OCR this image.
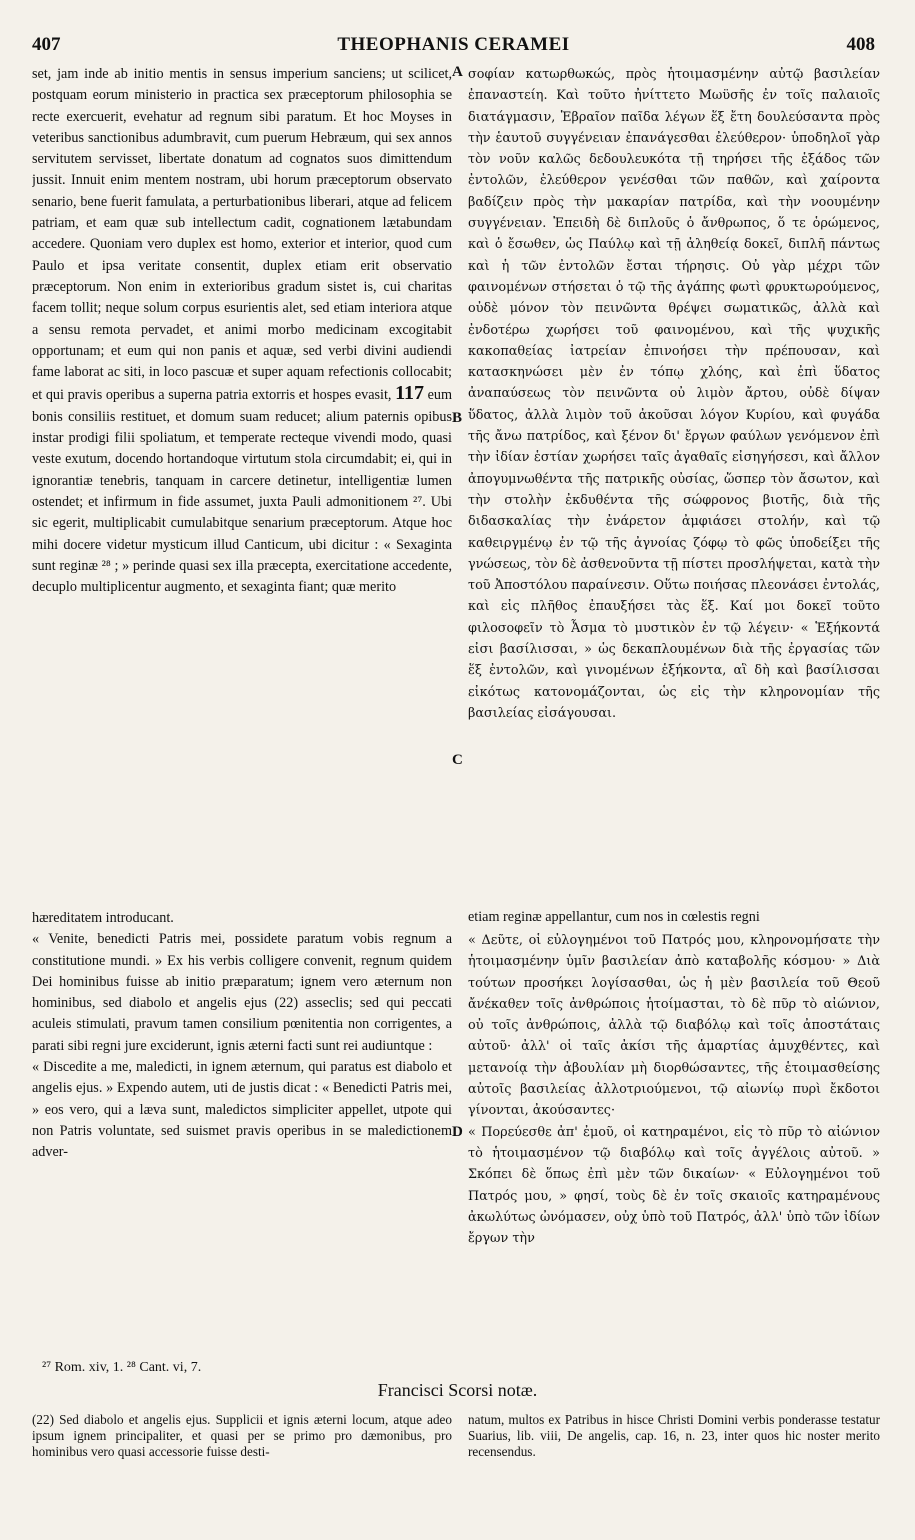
407	THEOPHANIS CERAMEI	408
set, jam inde ab initio mentis in sensus imperium sanciens; ut scilicet, postquam eorum ministerio in practica sex præceptorum philosophia se recte exercuerit, evehatur ad regnum sibi paratum. Et hoc Moyses in veteribus sanctionibus adumbravit, cum puerum Hebræum, qui sex annos servitutem servisset, libertate donatum ad cognatos suos dimittendum jussit. Innuit enim mentem nostram, ubi horum præceptorum observato senario, bene fuerit famulata, a perturbationibus liberari, atque ad felicem patriam, et eam quæ sub intellectum cadit, cognationem lætabundam accedere. Quoniam vero duplex est homo, exterior et interior, quod cum Paulo et ipsa veritate consentit, duplex etiam erit observatio præceptorum. Non enim in exterioribus gradum sistet is, cui charitas facem tollit; neque solum corpus esurientis alet, sed etiam interiora atque a sensu remota pervadet, et animi morbo medicinam excogitabit opportunam; et eum qui non panis et aquæ, sed verbi divini audiendi fame laborat ac siti, in loco pascuæ et super aquam refectionis collocabit; et qui pravis operibus a superna patria extorris et hospes evasit, 117 eum bonis consiliis restituet, et domum suam reducet; alium paternis opibus instar prodigi filii spoliatum, et temperate recteque vivendi modo, quasi veste exutum, docendo hortandoque virtutum stola circumdabit; ei, qui in ignorantiæ tenebris, tanquam in carcere detinetur, intelligentiæ lumen ostendet; et infirmum in fide assumet, juxta Pauli admonitionem ²⁷. Ubi sic egerit, multiplicabit cumulabitque senarium præceptorum. Atque hoc mihi docere videtur mysticum illud Canticum, ubi dicitur : « Sexaginta sunt reginæ ²⁸ ; » perinde quasi sex illa præcepta, exercitatione accedente, decuplo multiplicentur augmento, et sexaginta fiant; quæ merito
A
B
C
D
σοφίαν κατωρθωκώς, πρὸς ἡτοιμασμένην αὐτῷ βασιλείαν ἐπαναστείη. Καὶ τοῦτο ἠνίττετο Μωϋσῆς ἐν τοῖς παλαιοῖς διατάγμασιν, Ἑβραῖον παῖδα λέγων ἕξ ἔτη δουλεύσαντα πρὸς τὴν ἑαυτοῦ συγγένειαν ἐπανάγεσθαι ἐλεύθερον· ὑποδηλοῖ γὰρ τὸν νοῦν καλῶς δεδουλευκότα τῇ τηρήσει τῆς ἑξάδος τῶν ἐντολῶν, ἐλεύθερον γενέσθαι τῶν παθῶν, καὶ χαίροντα βαδίζειν πρὸς τὴν μακαρίαν πατρίδα, καὶ τὴν νοουμένην συγγένειαν. Ἐπειδὴ δὲ διπλοῦς ὁ ἄνθρωπος, ὅ τε ὁρώμενος, καὶ ὁ ἔσωθεν, ὡς Παύλῳ καὶ τῇ ἀληθείᾳ δοκεῖ, διπλῆ πάντως καὶ ἡ τῶν ἐντολῶν ἔσται τήρησις. Οὐ γὰρ μέχρι τῶν φαινομένων στήσεται ὁ τῷ τῆς ἀγάπης φωτὶ φρυκτωρούμενος, οὐδὲ μόνον τὸν πεινῶντα θρέψει σωματικῶς, ἀλλὰ καὶ ἐνδοτέρω χωρήσει τοῦ φαινομένου, καὶ τῆς ψυχικῆς κακοπαθείας ἰατρείαν ἐπινοήσει τὴν πρέπουσαν, καὶ κατασκηνώσει μὲν ἐν τόπῳ χλόης, καὶ ἐπὶ ὕδατος ἀναπαύσεως τὸν πεινῶντα οὐ λιμὸν ἄρτου, οὐδὲ δίψαν ὕδατος, ἀλλὰ λιμὸν τοῦ ἀκοῦσαι λόγον Κυρίου, καὶ φυγάδα τῆς ἄνω πατρίδος, καὶ ξένον δι' ἔργων φαύλων γενόμενον ἐπὶ τὴν ἰδίαν ἑστίαν χωρήσει ταῖς ἀγαθαῖς εἰσηγήσεσι, καὶ ἄλλον ἀπογυμνωθέντα τῆς πατρικῆς οὐσίας, ὥσπερ τὸν ἄσωτον, καὶ τὴν στολὴν ἐκδυθέντα τῆς σώφρονος βιοτῆς, διὰ τῆς διδασκαλίας τὴν ἐνάρετον ἀμφιάσει στολήν, καὶ τῷ καθειργμένῳ ἐν τῷ τῆς ἀγνοίας ζόφῳ τὸ φῶς ὑποδείξει τῆς γνώσεως, τὸν δὲ ἀσθενοῦντα τῇ πίστει προσλήψεται, κατὰ τὴν τοῦ Ἀποστόλου παραίνεσιν. Οὕτω ποιήσας πλεονάσει ἐντολάς, καὶ εἰς πλῆθος ἐπαυξήσει τὰς ἕξ. Καί μοι δοκεῖ τοῦτο φιλοσοφεῖν τὸ Ἆσμα τὸ μυστικὸν ἐν τῷ λέγειν· « Ἑξήκοντά εἰσι βασίλισσαι, » ὡς δεκαπλουμένων διὰ τῆς ἐργασίας τῶν ἕξ ἐντολῶν, καὶ γινομένων ἑξήκοντα, αἳ δὴ καὶ βασίλισσαι εἰκότως κατονομάζονται, ὡς εἰς τὴν κληρονομίαν τῆς βασιλείας εἰσάγουσαι.

etiam reginæ appellantur, cum nos in cœlestis regni

hæreditatem introducant.
« Venite, benedicti Patris mei, possidete paratum vobis regnum a constitutione mundi. » Ex his verbis colligere convenit, regnum quidem Dei hominibus fuisse ab initio præparatum; ignem vero æternum non hominibus, sed diabolo et angelis ejus (22) asseclis; sed qui peccati aculeis stimulati, pravum tamen consilium pœnitentia non corrigentes, a parati sibi regni jure exciderunt, ignis æterni facti sunt rei audiuntque :
« Discedite a me, maledicti, in ignem æternum, qui paratus est diabolo et angelis ejus. » Expendo autem, uti de justis dicat : « Benedicti Patris mei, » eos vero, qui a læva sunt, maledictos simpliciter appellet, utpote qui non Patris voluntate, sed suismet pravis operibus in se maledictionem adver-
« Δεῦτε, οἱ εὐλογημένοι τοῦ Πατρός μου, κληρονομήσατε τὴν ἡτοιμασμένην ὑμῖν βασιλείαν ἀπὸ καταβολῆς κόσμου· » Διὰ τούτων προσήκει λογίσασθαι, ὡς ἡ μὲν βασιλεία τοῦ Θεοῦ ἄνέκαθεν τοῖς ἀνθρώποις ἡτοίμασται, τὸ δὲ πῦρ τὸ αἰώνιον, οὐ τοῖς ἀνθρώποις, ἀλλὰ τῷ διαβόλῳ καὶ τοῖς ἀποστάταις αὐτοῦ· ἀλλ' οἱ ταῖς ἀκίσι τῆς ἁμαρτίας ἀμυχθέντες, καὶ μετανοίᾳ τὴν ἀβουλίαν μὴ διορθώσαντες, τῆς ἑτοιμασθείσης αὐτοῖς βασιλείας ἀλλοτριούμενοι, τῷ αἰωνίῳ πυρὶ ἔκδοτοι γίνονται, ἀκούσαντες·
« Πορεύεσθε ἀπ' ἐμοῦ, οἱ κατηραμένοι, εἰς τὸ πῦρ τὸ αἰώνιον τὸ ἡτοιμασμένον τῷ διαβόλῳ καὶ τοῖς ἀγγέλοις αὐτοῦ. » Σκόπει δὲ ὅπως ἐπὶ μὲν τῶν δικαίων· « Εὐλογημένοι τοῦ Πατρός μου, » φησί, τοὺς δὲ ἐν τοῖς σκαιοῖς κατηραμένους ἀκωλύτως ὠνόμασεν, οὐχ ὑπὸ τοῦ Πατρός, ἀλλ' ὑπὸ τῶν ἰδίων ἔργων τὴν
²⁷ Rom. xiv, 1. ²⁸ Cant. vi, 7.
Francisci Scorsi notæ.
(22) Sed diabolo et angelis ejus. Supplicii et ignis æterni locum, atque adeo ipsum ignem principaliter, et quasi per se primo pro dæmonibus, pro hominibus vero quasi accessorie fuisse desti-
natum, multos ex Patribus in hisce Christi Domini verbis ponderasse testatur Suarius, lib. viii, De angelis, cap. 16, n. 23, inter quos hic noster merito recensendus.
